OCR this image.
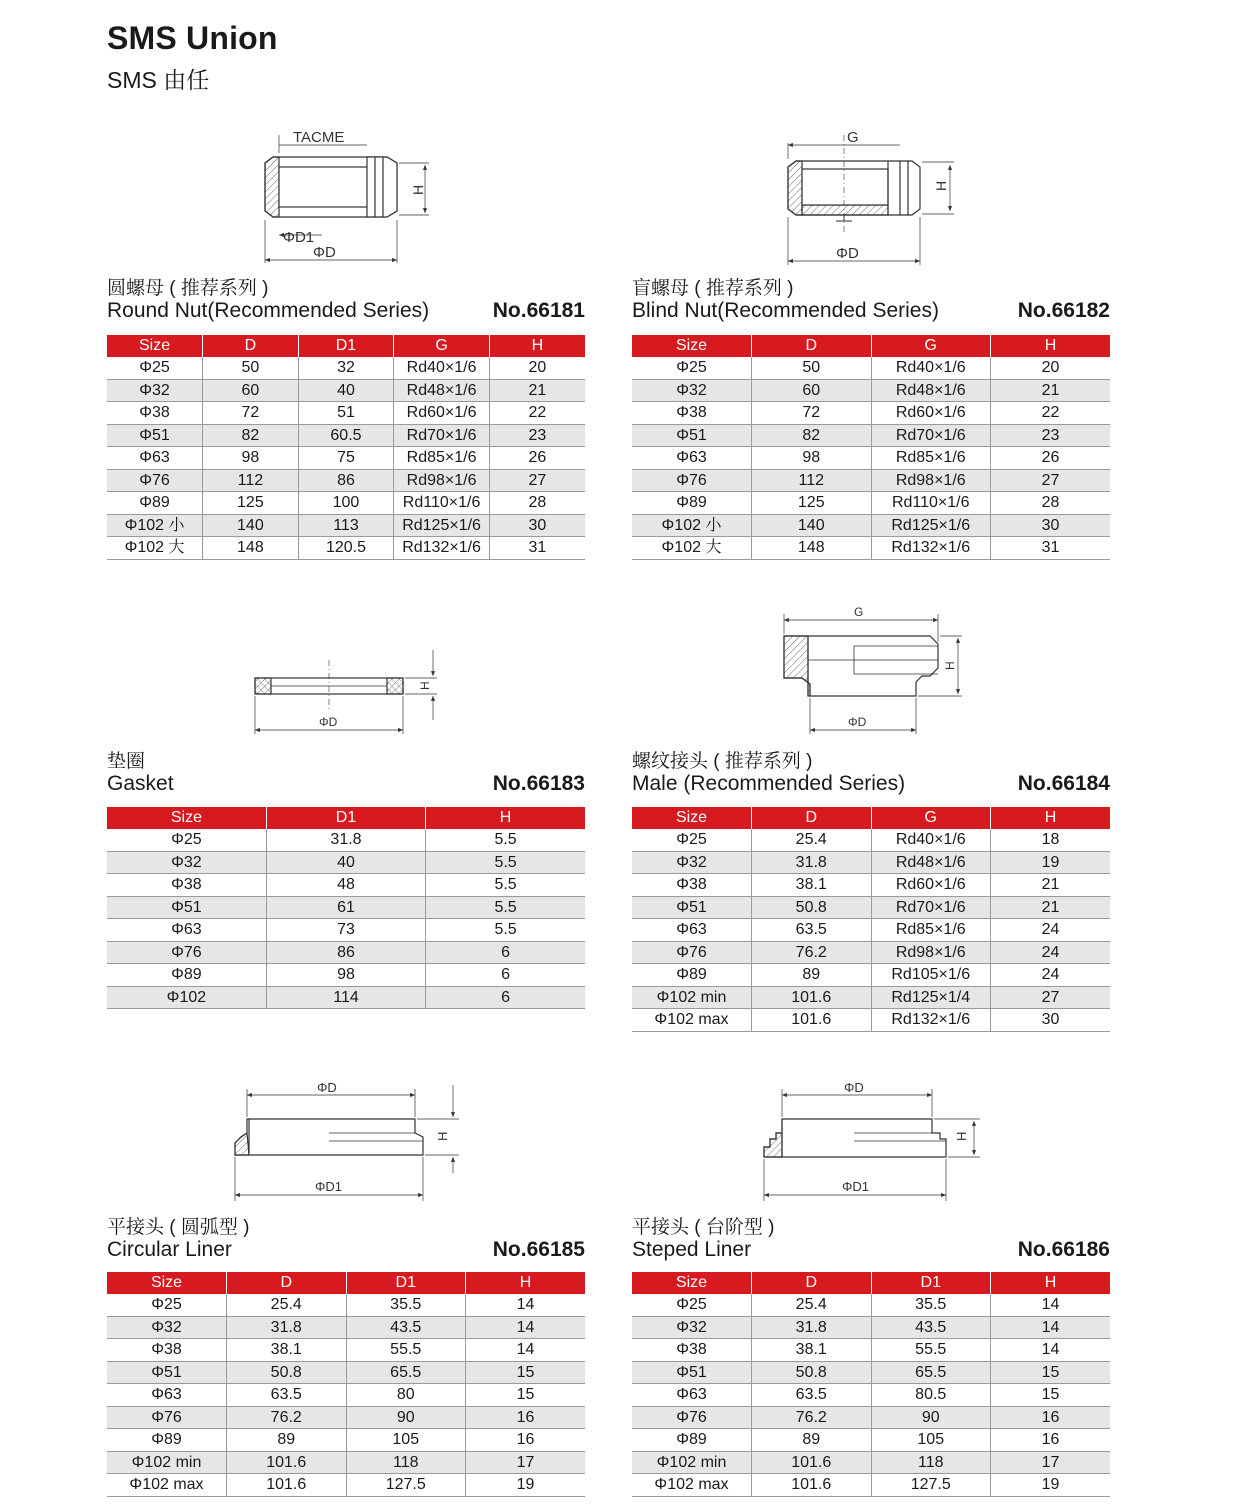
SMS Union
SMS 由任
TACME
ΦD1
ΦD
H
圆螺母 ( 推荐系列 )
Round Nut(Recommended Series)	No.66181
Size	D	D1	G	H
Φ25	50	32	Rd40×1/6	20
Φ32	60	40	Rd48×1/6	21
Φ38	72	51	Rd60×1/6	22
Φ51	82	60.5	Rd70×1/6	23
Φ63	98	75	Rd85×1/6	26
Φ76	112	86	Rd98×1/6	27
Φ89	125	100	Rd110×1/6	28
Φ102 小	140	113	Rd125×1/6	30
Φ102 大	148	120.5	Rd132×1/6	31
G
ΦD
H
盲螺母 ( 推荐系列 )
Blind Nut(Recommended Series)	No.66182
Size	D	G	H
Φ25	50	Rd40×1/6	20
Φ32	60	Rd48×1/6	21
Φ38	72	Rd60×1/6	22
Φ51	82	Rd70×1/6	23
Φ63	98	Rd85×1/6	26
Φ76	112	Rd98×1/6	27
Φ89	125	Rd110×1/6	28
Φ102 小	140	Rd125×1/6	30
Φ102 大	148	Rd132×1/6	31
ΦD
H
垫圈
Gasket	No.66183
Size	D1	H
Φ25	31.8	5.5
Φ32	40	5.5
Φ38	48	5.5
Φ51	61	5.5
Φ63	73	5.5
Φ76	86	6
Φ89	98	6
Φ102	114	6
G
ΦD
H
螺纹接头 ( 推荐系列 )
Male (Recommended Series)	No.66184
Size	D	G	H
Φ25	25.4	Rd40×1/6	18
Φ32	31.8	Rd48×1/6	19
Φ38	38.1	Rd60×1/6	21
Φ51	50.8	Rd70×1/6	21
Φ63	63.5	Rd85×1/6	24
Φ76	76.2	Rd98×1/6	24
Φ89	89	Rd105×1/6	24
Φ102 min	101.6	Rd125×1/4	27
Φ102 max	101.6	Rd132×1/6	30
ΦD
ΦD1
H
平接头 ( 圆弧型 )
Circular Liner	No.66185
Size	D	D1	H
Φ25	25.4	35.5	14
Φ32	31.8	43.5	14
Φ38	38.1	55.5	14
Φ51	50.8	65.5	15
Φ63	63.5	80	15
Φ76	76.2	90	16
Φ89	89	105	16
Φ102 min	101.6	118	17
Φ102 max	101.6	127.5	19
ΦD
ΦD1
H
平接头 ( 台阶型 )
Steped Liner	No.66186
Size	D	D1	H
Φ25	25.4	35.5	14
Φ32	31.8	43.5	14
Φ38	38.1	55.5	14
Φ51	50.8	65.5	15
Φ63	63.5	80.5	15
Φ76	76.2	90	16
Φ89	89	105	16
Φ102 min	101.6	118	17
Φ102 max	101.6	127.5	19
